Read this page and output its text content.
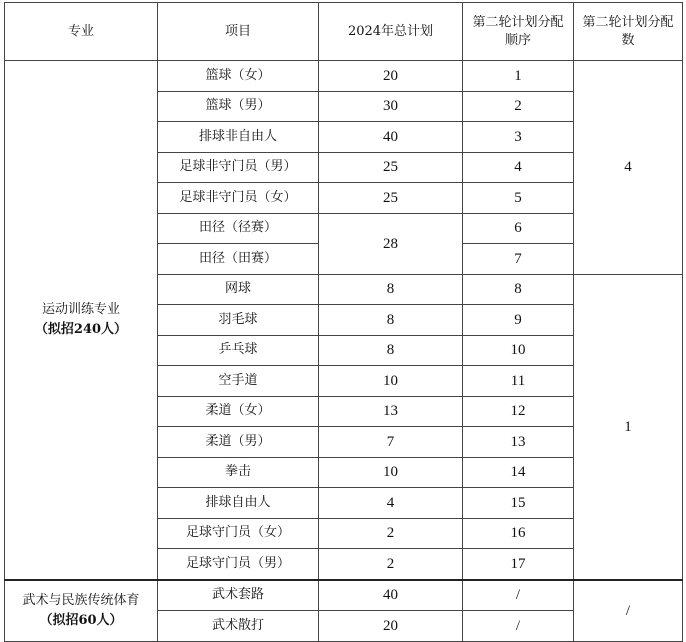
专业	项目	2024年总计划	第二轮计划分配顺序	第二轮计划分配数

运动训练专业
（拟招240人）	篮球（女）	20	1	4
	篮球（男）	30	2	
	排球非自由人	40	3	
	足球非守门员（男）	25	4	
	足球非守门员（女）	25	5	
	田径（径赛）	28	6	
	田径（田赛）		7	
	网球	8	8	1
	羽毛球	8	9	
	乒乓球	8	10	
	空手道	10	11	
	柔道（女）	13	12	
	柔道（男）	7	13	
	拳击	10	14	
	排球自由人	4	15	
	足球守门员（女）	2	16	
	足球守门员（男）	2	17	

武术与民族传统体育
（拟招60人）	武术套路	40	/	/
	武术散打	20	/	
